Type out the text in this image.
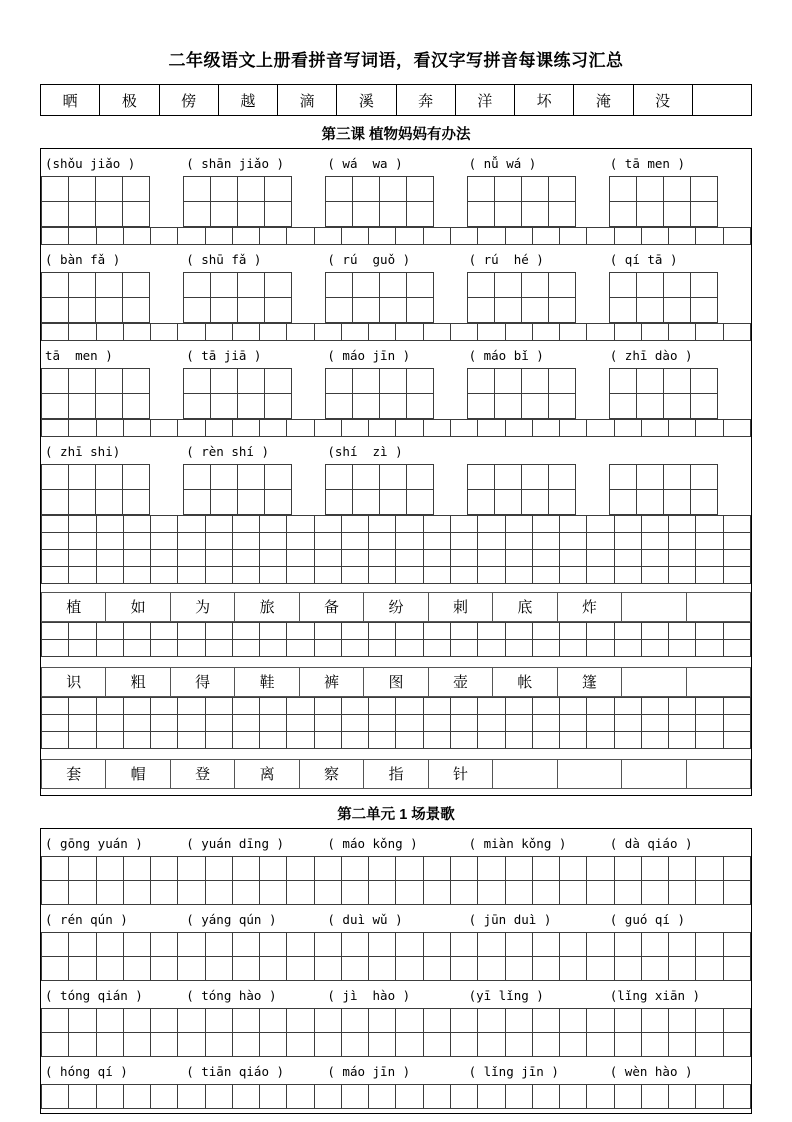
二年级语文上册看拼音写词语，看汉字写拼音每课练习汇总
晒	极	傍	越	滴	溪	奔	洋	坏	淹	没	
第三课 植物妈妈有办法
(shǒu jiǎo )	( shān jiǎo )	( wá  wa )	( nǚ wá )	( tā men )
( bàn fǎ )	( shū fǎ )	( rú  guǒ )	( rú  hé )	( qí tā )
tā  men )	( tā jiā )	( máo jīn )	( máo bǐ )	( zhī dào )
( zhī shi)	( rèn shí )	(shí  zì )
植	如	为	旅	备	纷	刺	底	炸
识	粗	得	鞋	裤	图	壶	帐	篷
套	帽	登	离	察	指	针
第二单元 1 场景歌
( gōng yuán )	( yuán dīng )	( máo kǒng )	( miàn kǒng )	( dà qiáo )
( rén qún )	( yáng qún )	( duì wǔ )	( jūn duì )	( guó qí )
( tóng qián )	( tóng hào )	( jì  hào )	(yī lǐng )	(lǐng xiān )
( hóng qí )	( tiān qiáo )	( máo jīn )	( lǐng jīn )	( wèn hào )
